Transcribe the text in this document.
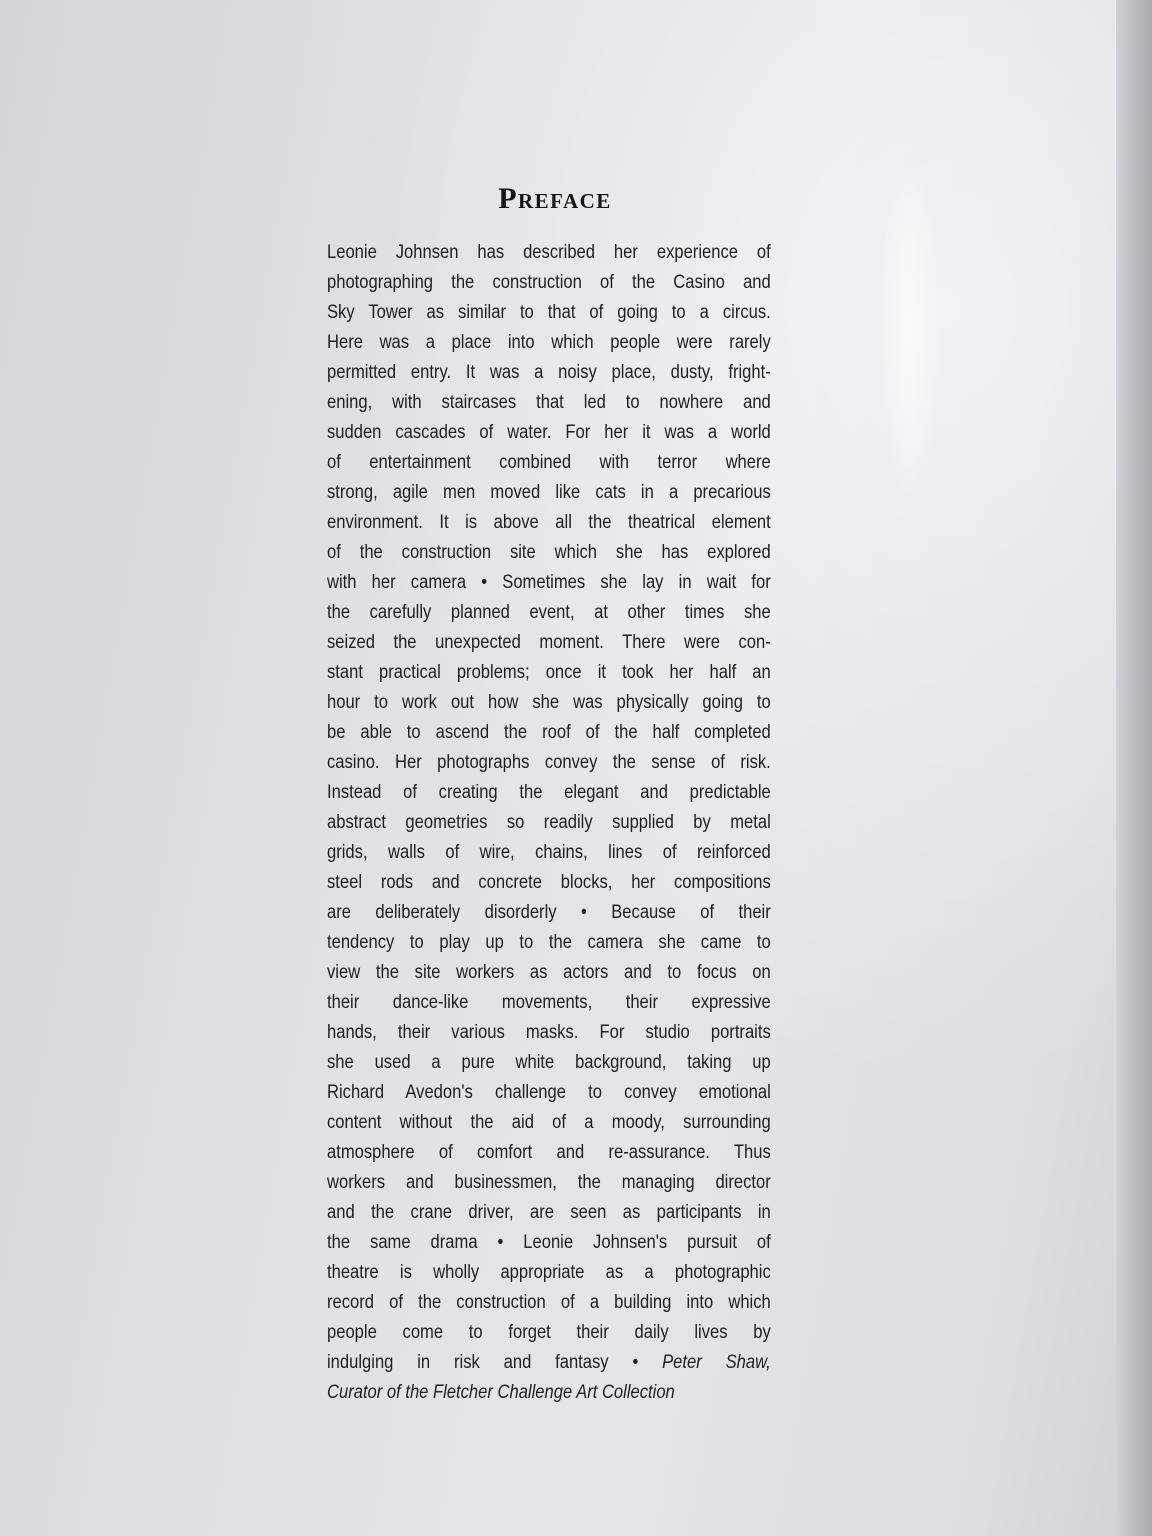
Preface
Leonie Johnsen has described her experience of
photographing the construction of the Casino and
Sky Tower as similar to that of going to a circus.
Here was a place into which people were rarely
permitted entry. It was a noisy place, dusty, fright-
ening, with staircases that led to nowhere and
sudden cascades of water. For her it was a world
of entertainment combined with terror where
strong, agile men moved like cats in a precarious
environment. It is above all the theatrical element
of the construction site which she has explored
with her camera • Sometimes she lay in wait for
the carefully planned event, at other times she
seized the unexpected moment. There were con-
stant practical problems; once it took her half an
hour to work out how she was physically going to
be able to ascend the roof of the half completed
casino. Her photographs convey the sense of risk.
Instead of creating the elegant and predictable
abstract geometries so readily supplied by metal
grids, walls of wire, chains, lines of reinforced
steel rods and concrete blocks, her compositions
are deliberately disorderly • Because of their
tendency to play up to the camera she came to
view the site workers as actors and to focus on
their dance-like movements, their expressive
hands, their various masks. For studio portraits
she used a pure white background, taking up
Richard Avedon's challenge to convey emotional
content without the aid of a moody, surrounding
atmosphere of comfort and re-assurance. Thus
workers and businessmen, the managing director
and the crane driver, are seen as participants in
the same drama • Leonie Johnsen's pursuit of
theatre is wholly appropriate as a photographic
record of the construction of a building into which
people come to forget their daily lives by
indulging in risk and fantasy • Peter Shaw,
Curator of the Fletcher Challenge Art Collection
